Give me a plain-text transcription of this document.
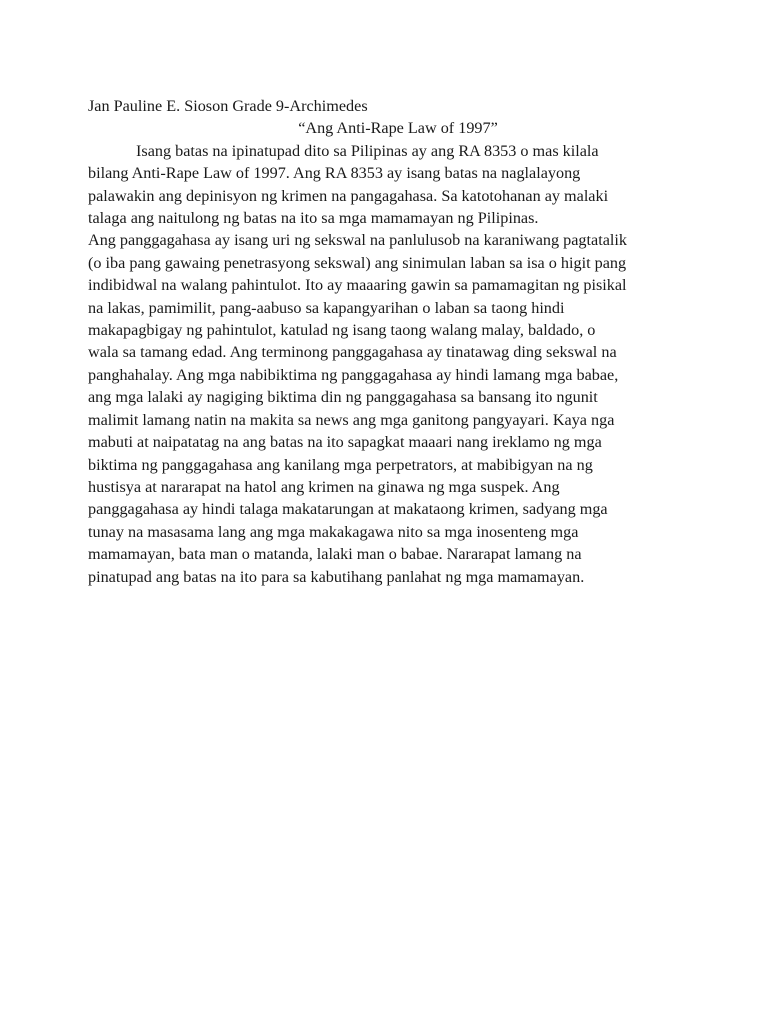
Jan Pauline E. Sioson Grade 9-Archimedes

“Ang Anti-Rape Law of 1997”

Isang batas na ipinatupad dito sa Pilipinas ay ang RA 8353 o mas kilala

bilang Anti-Rape Law of 1997. Ang RA 8353 ay isang batas na naglalayong

palawakin ang depinisyon ng krimen na pangagahasa. Sa katotohanan ay malaki

talaga ang naitulong ng batas na ito sa mga mamamayan ng Pilipinas.

Ang panggagahasa ay isang uri ng sekswal na panlulusob na karaniwang pagtatalik

(o iba pang gawaing penetrasyong sekswal) ang sinimulan laban sa isa o higit pang

indibidwal na walang pahintulot. Ito ay maaaring gawin sa pamamagitan ng pisikal

na lakas, pamimilit, pang-aabuso sa kapangyarihan o laban sa taong hindi

makapagbigay ng pahintulot, katulad ng isang taong walang malay, baldado, o

wala sa tamang edad. Ang terminong panggagahasa ay tinatawag ding sekswal na

panghahalay. Ang mga nabibiktima ng panggagahasa ay hindi lamang mga babae,

ang mga lalaki ay nagiging biktima din ng panggagahasa sa bansang ito ngunit

malimit lamang natin na makita sa news ang mga ganitong pangyayari. Kaya nga

mabuti at naipatatag na ang batas na ito sapagkat maaari nang ireklamo ng mga

biktima ng panggagahasa ang kanilang mga perpetrators, at mabibigyan na ng

hustisya at nararapat na hatol ang krimen na ginawa ng mga suspek. Ang

panggagahasa ay hindi talaga makatarungan at makataong krimen, sadyang mga

tunay na masasama lang ang mga makakagawa nito sa mga inosenteng mga

mamamayan, bata man o matanda, lalaki man o babae. Nararapat lamang na

pinatupad ang batas na ito para sa kabutihang panlahat ng mga mamamayan.
